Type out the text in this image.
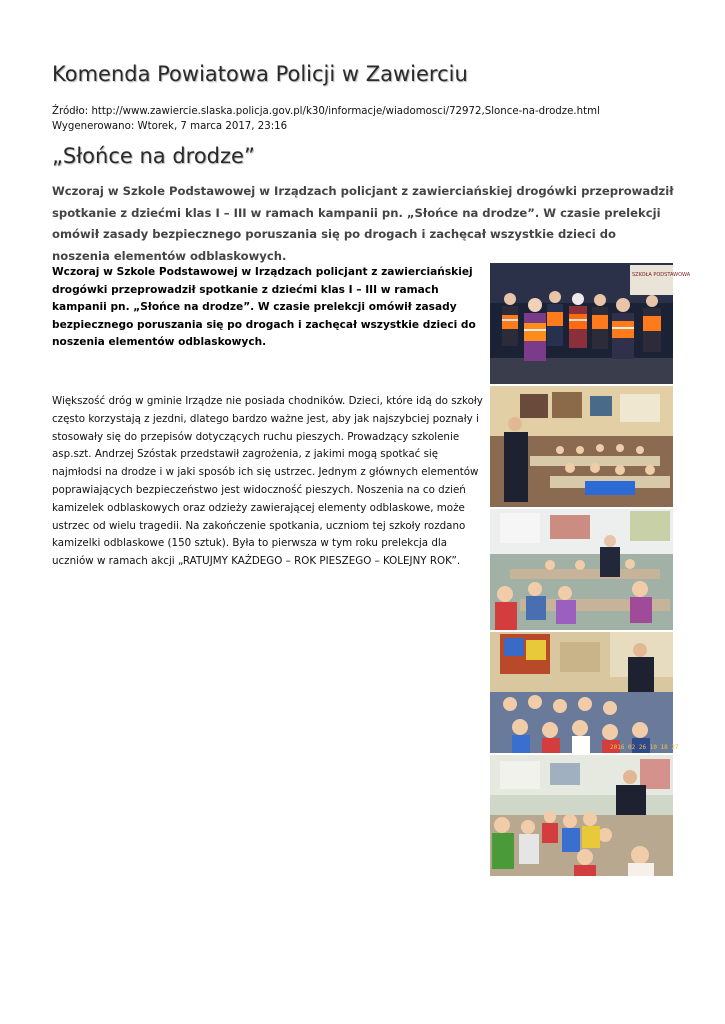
Komenda Powiatowa Policji w Zawierciu
Źródło: http://www.zawiercie.slaska.policja.gov.pl/k30/informacje/wiadomosci/72972,Slonce-na-drodze.html
Wygenerowano: Wtorek, 7 marca 2017, 23:16
„Słońce na drodze”
Wczoraj w Szkole Podstawowej w Irządzach policjant z zawierciańskiej drogówki przeprowadził spotkanie z dziećmi klas I – III w ramach kampanii pn. „Słońce na drodze”. W czasie prelekcji omówił zasady bezpiecznego poruszania się po drogach i zachęcał wszystkie dzieci do noszenia elementów odblaskowych.
Wczoraj w Szkole Podstawowej w Irządzach policjant z zawierciańskiej drogówki przeprowadził spotkanie z dziećmi klas I – III w ramach kampanii pn. „Słońce na drodze”. W czasie prelekcji omówił zasady bezpiecznego poruszania się po drogach i zachęcał wszystkie dzieci do noszenia elementów odblaskowych.
Większość dróg w gminie Irządze nie posiada chodników. Dzieci, które idą do szkoły często korzystają z jezdni, dlatego bardzo ważne jest, aby jak najszybciej poznały i stosowały się do przepisów dotyczących ruchu pieszych. Prowadzący szkolenie asp.szt. Andrzej Szóstak przedstawił zagrożenia, z jakimi mogą spotkać się najmłodsi na drodze i w jaki sposób ich się ustrzec. Jednym z głównych elementów poprawiających bezpieczeństwo jest widoczność pieszych. Noszenia na co dzień kamizelek odblaskowych oraz odzieży zawierającej elementy odblaskowe, może ustrzec od wielu tragedii. Na zakończenie spotkania, uczniom tej szkoły rozdano kamizelki odblaskowe (150 sztuk). Była to pierwsza w tym roku prelekcja dla uczniów w ramach akcji „RATUJMY KAŻDEGO – ROK PIESZEGO – KOLEJNY ROK”.
SZKOŁA PODSTAWOWA
2016 02 26 10 18 27
